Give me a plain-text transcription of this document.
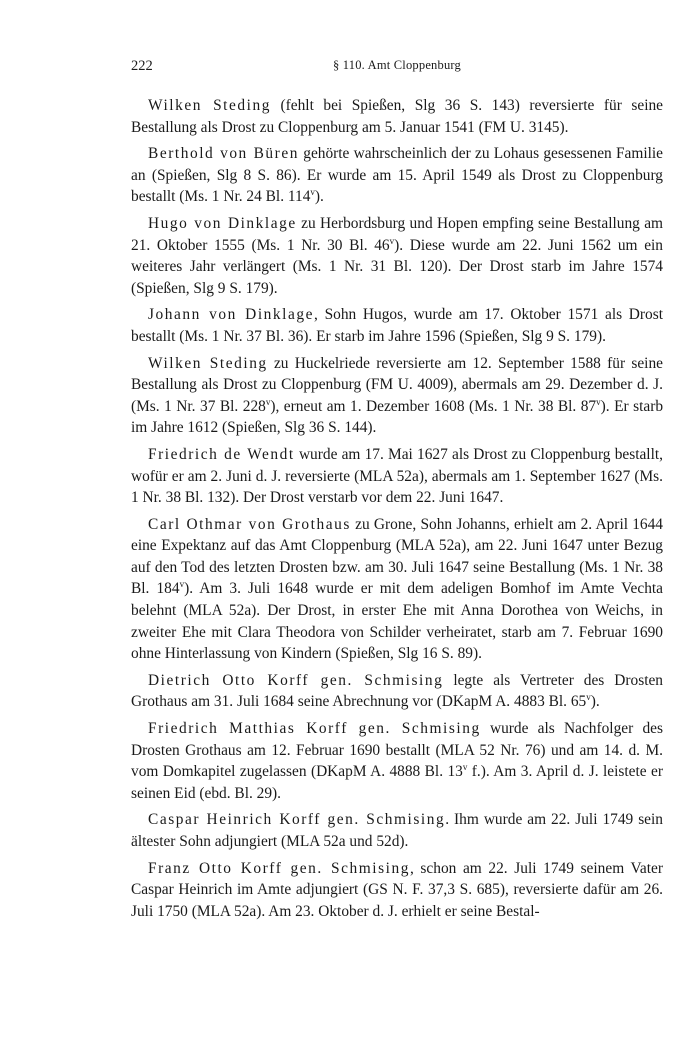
222	§ 110. Amt Cloppenburg

Wilken Steding (fehlt bei Spießen, Slg 36 S. 143) reversierte für seine Bestallung als Drost zu Cloppenburg am 5. Januar 1541 (FM U. 3145).

Berthold von Büren gehörte wahrscheinlich der zu Lohaus gesessenen Familie an (Spießen, Slg 8 S. 86). Er wurde am 15. April 1549 als Drost zu Cloppenburg bestallt (Ms. 1 Nr. 24 Bl. 114$^v$).

Hugo von Dinklage zu Herbordsburg und Hopen empfing seine Bestallung am 21. Oktober 1555 (Ms. 1 Nr. 30 Bl. 46$^v$). Diese wurde am 22. Juni 1562 um ein weiteres Jahr verlängert (Ms. 1 Nr. 31 Bl. 120). Der Drost starb im Jahre 1574 (Spießen, Slg 9 S. 179).

Johann von Dinklage, Sohn Hugos, wurde am 17. Oktober 1571 als Drost bestallt (Ms. 1 Nr. 37 Bl. 36). Er starb im Jahre 1596 (Spießen, Slg 9 S. 179).

Wilken Steding zu Huckelriede reversierte am 12. September 1588 für seine Bestallung als Drost zu Cloppenburg (FM U. 4009), abermals am 29. Dezember d. J. (Ms. 1 Nr. 37 Bl. 228$^v$), erneut am 1. Dezember 1608 (Ms. 1 Nr. 38 Bl. 87$^v$). Er starb im Jahre 1612 (Spießen, Slg 36 S. 144).

Friedrich de Wendt wurde am 17. Mai 1627 als Drost zu Cloppenburg bestallt, wofür er am 2. Juni d. J. reversierte (MLA 52a), abermals am 1. September 1627 (Ms. 1 Nr. 38 Bl. 132). Der Drost verstarb vor dem 22. Juni 1647.

Carl Othmar von Grothaus zu Grone, Sohn Johanns, erhielt am 2. April 1644 eine Expektanz auf das Amt Cloppenburg (MLA 52a), am 22. Juni 1647 unter Bezug auf den Tod des letzten Drosten bzw. am 30. Juli 1647 seine Bestallung (Ms. 1 Nr. 38 Bl. 184$^v$). Am 3. Juli 1648 wurde er mit dem adeligen Bomhof im Amte Vechta belehnt (MLA 52a). Der Drost, in erster Ehe mit Anna Dorothea von Weichs, in zweiter Ehe mit Clara Theodora von Schilder verheiratet, starb am 7. Februar 1690 ohne Hinterlassung von Kindern (Spießen, Slg 16 S. 89).

Dietrich Otto Korff gen. Schmising legte als Vertreter des Drosten Grothaus am 31. Juli 1684 seine Abrechnung vor (DKapM A. 4883 Bl. 65$^v$).

Friedrich Matthias Korff gen. Schmising wurde als Nachfolger des Drosten Grothaus am 12. Februar 1690 bestallt (MLA 52 Nr. 76) und am 14. d. M. vom Domkapitel zugelassen (DKapM A. 4888 Bl. 13$^v$ f.). Am 3. April d. J. leistete er seinen Eid (ebd. Bl. 29).

Caspar Heinrich Korff gen. Schmising. Ihm wurde am 22. Juli 1749 sein ältester Sohn adjungiert (MLA 52a und 52d).

Franz Otto Korff gen. Schmising, schon am 22. Juli 1749 seinem Vater Caspar Heinrich im Amte adjungiert (GS N. F. 37,3 S. 685), reversierte dafür am 26. Juli 1750 (MLA 52a). Am 23. Oktober d. J. erhielt er seine Bestal-
